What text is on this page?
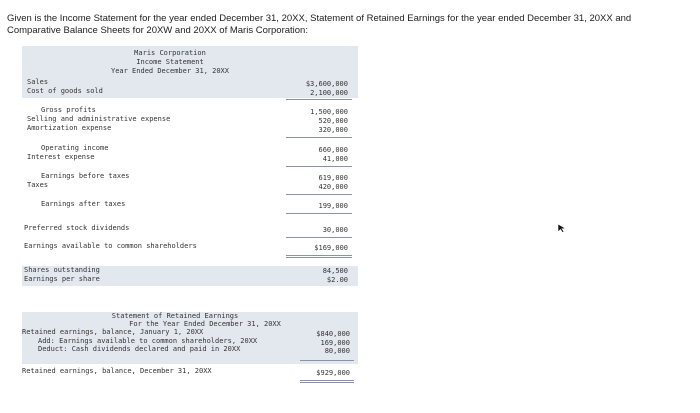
Given is the Income Statement for the year ended December 31, 20XX, Statement of Retained Earnings for the year ended December 31, 20XX and Comparative Balance Sheets for 20XW and 20XX of Maris Corporation:
Maris Corporation
Income Statement
Year Ended December 31, 20XX
Sales	$3,600,000
Cost of goods sold	2,100,000
Gross profits	1,500,000
Selling and administrative expense	520,000
Amortization expense	320,000
Operating income	660,000
Interest expense	41,000
Earnings before taxes	619,000
Taxes	420,000
Earnings after taxes	199,000
Preferred stock dividends	30,000
Earnings available to common shareholders	$169,000
Shares outstanding	84,500
Earnings per share	$2.00
Statement of Retained Earnings
For the Year Ended December 31, 20XX
Retained earnings, balance, January 1, 20XX	$840,000
Add: Earnings available to common shareholders, 20XX	169,000
Deduct: Cash dividends declared and paid in 20XX	80,000
Retained earnings, balance, December 31, 20XX	$929,000
